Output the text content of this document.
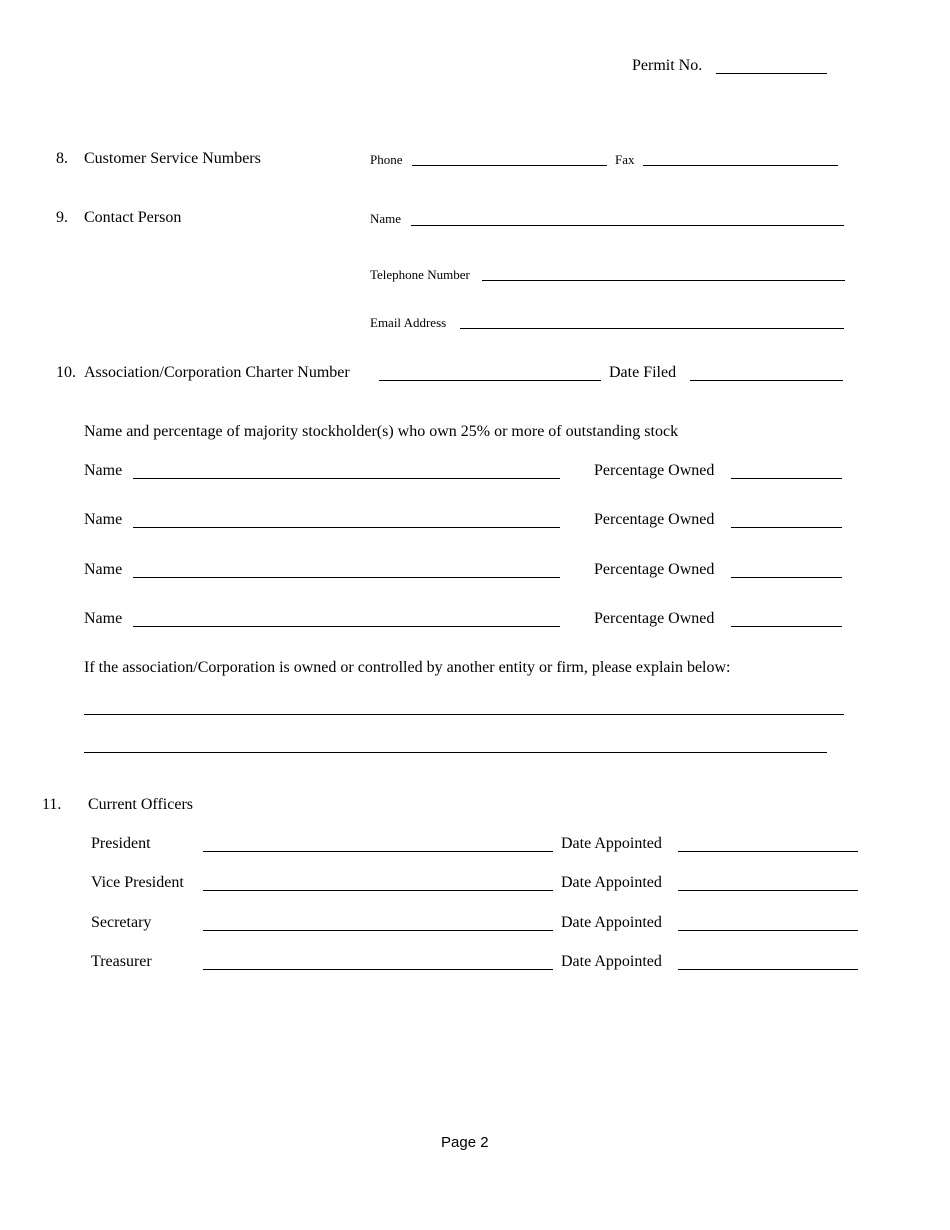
Permit No.
8. Customer Service Numbers	Phone	Fax
9. Contact Person	Name
Telephone Number
Email Address
10. Association/Corporation Charter Number	Date Filed
Name and percentage of majority stockholder(s) who own 25% or more of outstanding stock
Name	Percentage Owned
Name	Percentage Owned
Name	Percentage Owned
Name	Percentage Owned
If the association/Corporation is owned or controlled by another entity or firm, please explain below:
11. Current Officers
President	Date Appointed
Vice President	Date Appointed
Secretary	Date Appointed
Treasurer	Date Appointed
Page 2
